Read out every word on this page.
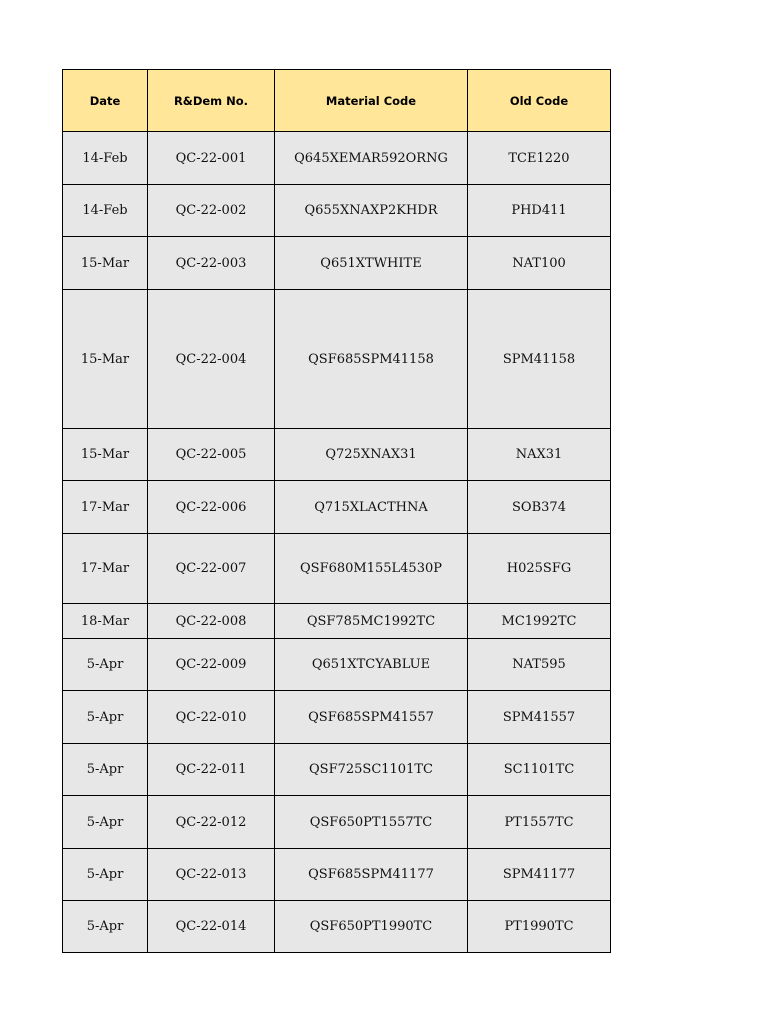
Date	R&Dem No.	Material Code	Old Code
14-Feb	QC-22-001	Q645XEMAR592ORNG	TCE1220
14-Feb	QC-22-002	Q655XNAXP2KHDR	PHD411
15-Mar	QC-22-003	Q651XTWHITE	NAT100
15-Mar	QC-22-004	QSF685SPM41158	SPM41158
15-Mar	QC-22-005	Q725XNAX31	NAX31
17-Mar	QC-22-006	Q715XLACTHNA	SOB374
17-Mar	QC-22-007	QSF680M155L4530P	H025SFG
18-Mar	QC-22-008	QSF785MC1992TC	MC1992TC
5-Apr	QC-22-009	Q651XTCYABLUE	NAT595
5-Apr	QC-22-010	QSF685SPM41557	SPM41557
5-Apr	QC-22-011	QSF725SC1101TC	SC1101TC
5-Apr	QC-22-012	QSF650PT1557TC	PT1557TC
5-Apr	QC-22-013	QSF685SPM41177	SPM41177
5-Apr	QC-22-014	QSF650PT1990TC	PT1990TC
